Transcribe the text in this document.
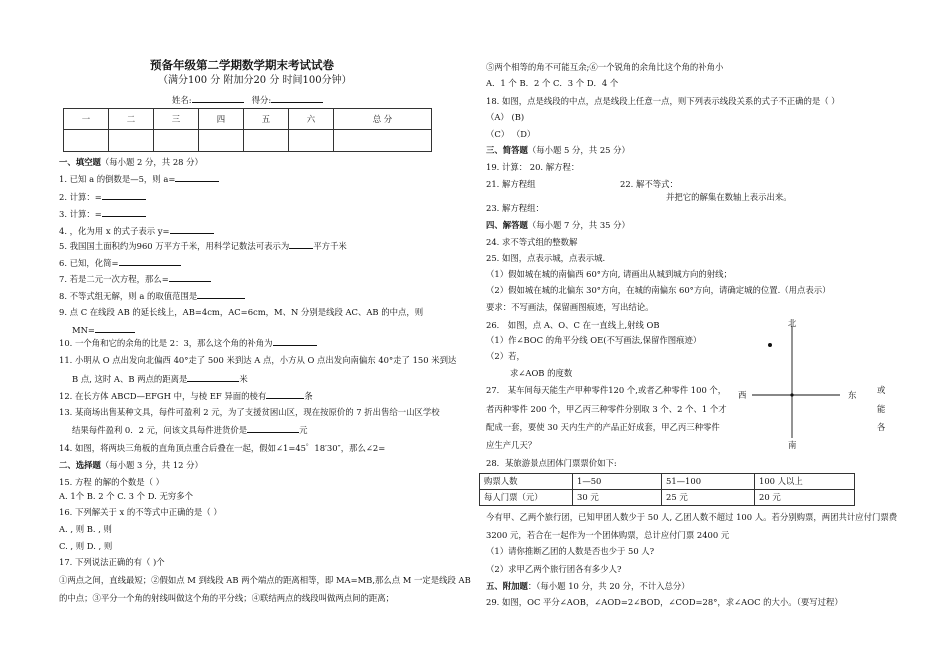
预备年级第二学期数学期末考试试卷
（满分100 分 附加分20 分 时间100分钟）
姓名:	得分:
一	二	三	四	五	六	总 分

一、填空题（每小题 2 分，共 28 分）
1. 已知 a 的倒数是—5，则 a=
2. 计算：=
3. 计算：=
4. ，化为用 x 的式子表示 y=
5. 我国国土面积约为960 万平方千米，用科学记数法可表示为	平方千米
6. 已知，化简=
7. 若是二元一次方程，那么=
8. 不等式组无解，则 a 的取值范围是
9. 点 C 在线段 AB 的延长线上，AB=4cm，AC=6cm，M、N 分别是线段 AC、AB 的中点，则
MN=
10. 一个角和它的余角的比是 2：3，那么这个角的补角为
11. 小明从 O 点出发向北偏西 40°走了 500 米到达 A 点，小方从 O 点出发向南偏东 40°走了 150 米到达
B 点, 这时 A、B 两点的距离是	米
12. 在长方体 ABCD—EFGH 中，与棱 EF 异面的棱有	条
13. 某商场出售某种文具，每件可盈利 2 元，为了支援贫困山区，现在按原价的 7 折出售给一山区学校
结果每件盈利 0．2 元，问该文具每件进货价是	元
14. 如图，将两块三角板的直角顶点重合后叠在一起，假如∠1=45゜18′30″，那么∠2=
二、选择题（每小题 3 分，共 12 分）
15. 方程 的解的个数是（ ）
A. 1个 B. 2 个 C. 3 个 D. 无穷多个
16. 下列解关于 x 的不等式中正确的是（ ）
A. , 则 B. , 则
C. , 则 D. , 则
17. 下列说法正确的有（ )个
①两点之间，直线最短；②假如点 M 到线段 AB 两个端点的距离相等，即 MA=MB,那么点 M 一定是线段 AB
的中点；③平分一个角的射线叫做这个角的平分线；④联结两点的线段叫做两点间的距离；
⑤两个相等的角不可能互余;⑥一个锐角的余角比这个角的补角小
A．1 个 B．2 个 C．3 个 D．4 个
18. 如图，点是线段的中点，点是线段上任意一点，则下列表示线段关系的式子不正确的是（ ）
（A） (B)
（C） （D）
三、简答题（每小题 5 分，共 25 分）
19. 计算： 20. 解方程：
21. 解方程组	22. 解不等式：
并把它的解集在数轴上表示出来。
23. 解方程组：
四、解答题（每小题 7 分，共 35 分）
24. 求不等式组的整数解
25. 如图，点表示城，点表示城.
（1）假如城在城的南偏西 60°方向, 请画出从城到城方向的射线；
（2）假如城在城的北偏东 30°方向，在城的南偏东 60°方向，请确定城的位置.（用点表示）
要求：不写画法，保留画图痕迹，写出结论。
26． 如图，点 A、O、C 在一直线上,射线 OB
（1）作∠BOC 的角平分线 OE(不写画法,保留作图痕迹）
（2）若，
求∠AOB 的度数
27． 某车间每天能生产甲种零件120 个,或者乙种零件 100 个，
者丙种零件 200 个，甲乙丙三种零件分别取 3 个、2 个、1 个才
配成一套，要使 30 天内生产的产品正好成套，甲乙丙三种零件
应生产几天？
或
能
各
北
南
西	东
28．某旅游景点团体门票票价如下:
购票人数	1—50	51—100	100 人以上
每人门票（元）	30 元	25 元	20 元
今有甲、乙两个旅行团，已知甲团人数少于 50 人, 乙团人数不超过 100 人。若分别购票，两团共计应付门票费
3200 元，若合在一起作为一个团体购票，总计应付门票 2400 元
（1）请你推断乙团的人数是否也少于 50 人?
（2）求甲乙两个旅行团各有多少人?
五、附加题：（每小题 10 分，共 20 分，不计入总分）
29. 如图，OC 平分∠AOB，∠AOD=2∠BOD，∠COD=28°，求∠AOC 的大小。（要写过程）
